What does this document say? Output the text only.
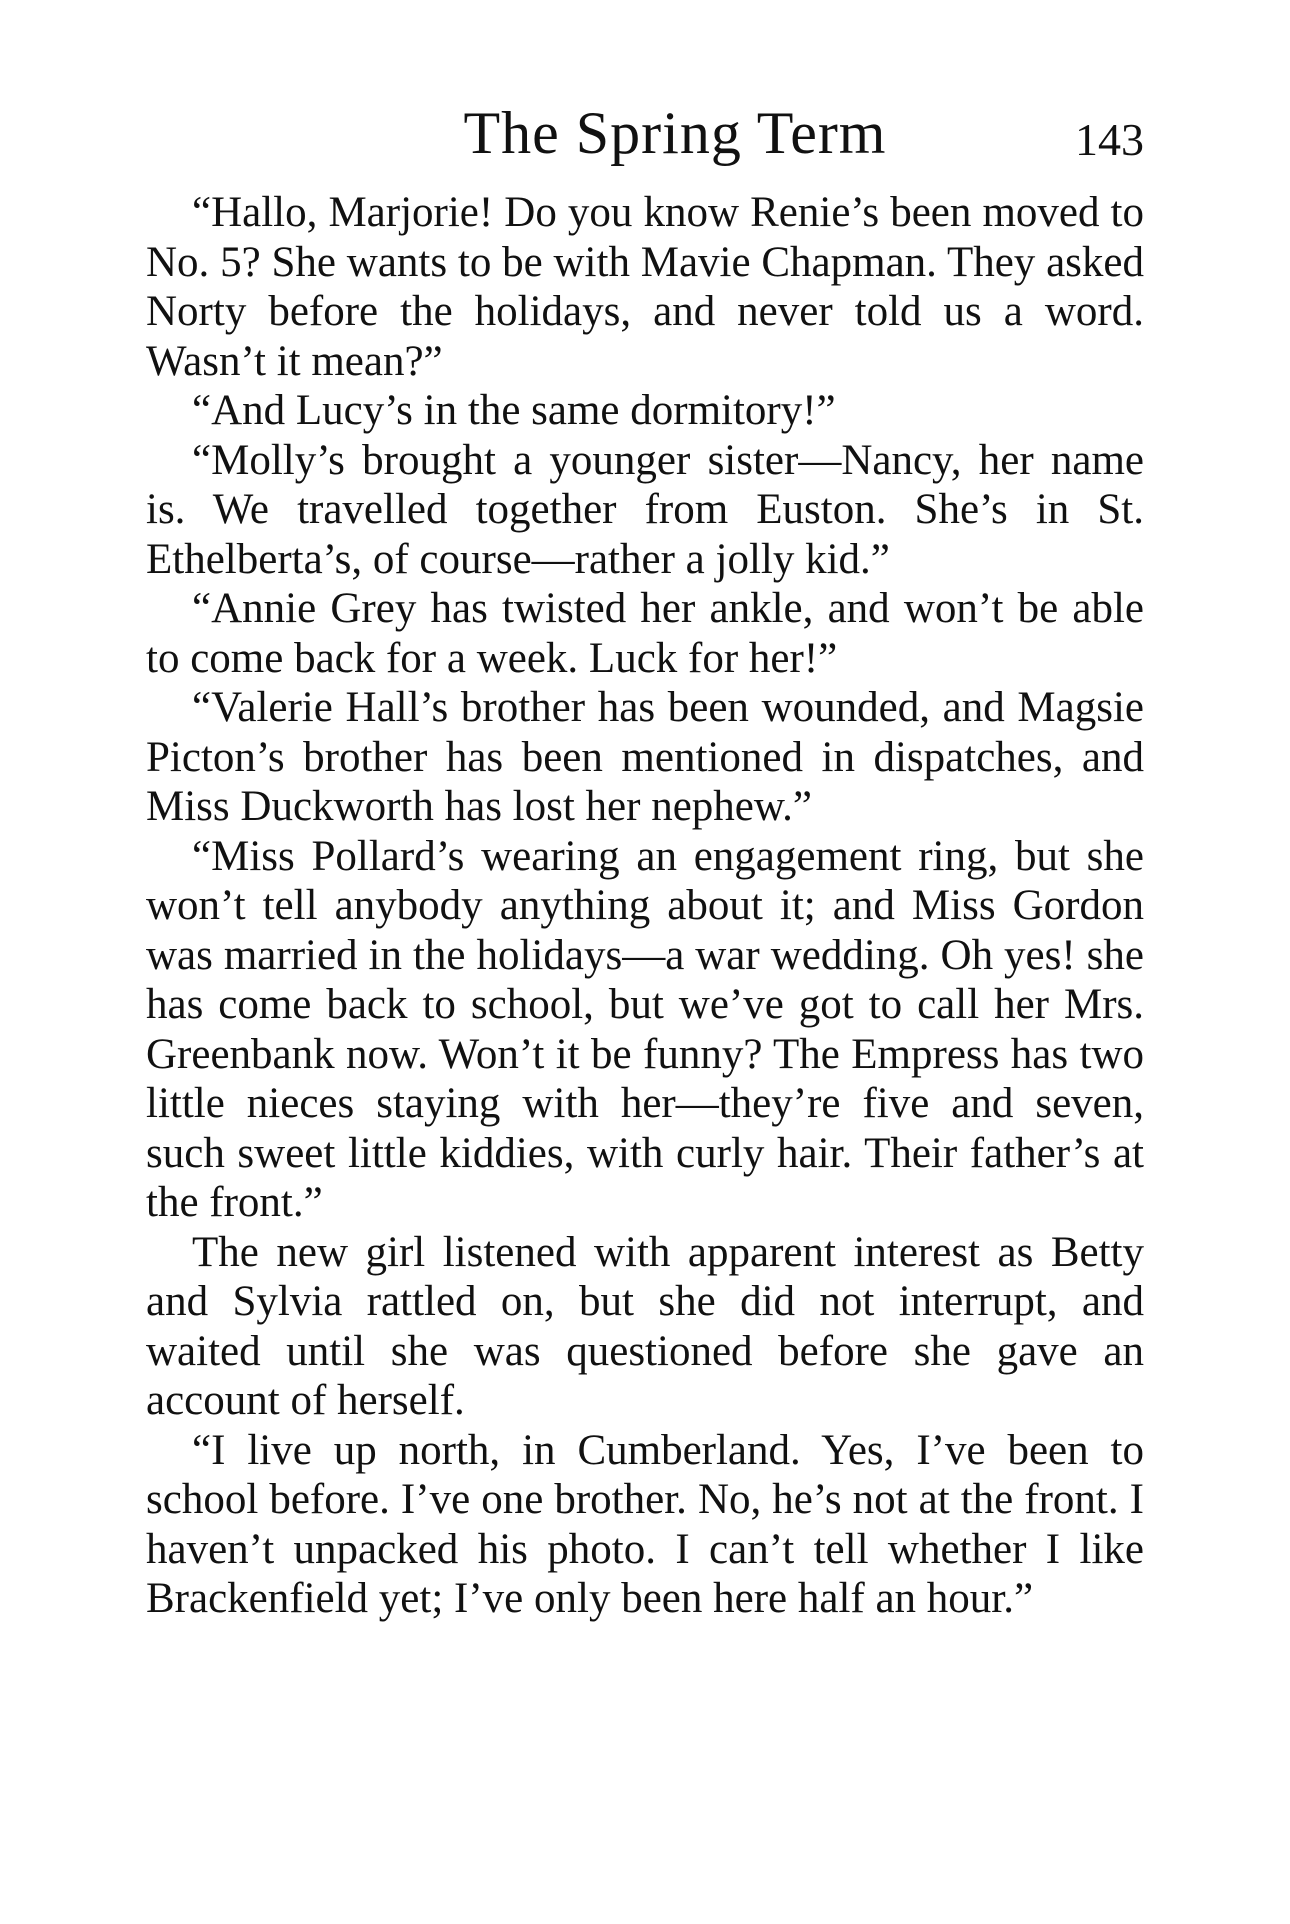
The Spring Term	143

“Hallo, Marjorie! Do you know Renie’s been moved to No. 5? She wants to be with Mavie Chapman. They asked Norty before the holidays, and never told us a word. Wasn’t it mean?”

“And Lucy’s in the same dormitory!”

“Molly’s brought a younger sister—Nancy, her name is. We travelled together from Euston. She’s in St. Ethelberta’s, of course—rather a jolly kid.”

“Annie Grey has twisted her ankle, and won’t be able to come back for a week. Luck for her!”

“Valerie Hall’s brother has been wounded, and Magsie Picton’s brother has been mentioned in dispatches, and Miss Duckworth has lost her nephew.”

“Miss Pollard’s wearing an engagement ring, but she won’t tell anybody anything about it; and Miss Gordon was married in the holidays—a war wedding. Oh yes! she has come back to school, but we’ve got to call her Mrs. Greenbank now. Won’t it be funny? The Empress has two little nieces staying with her—they’re five and seven, such sweet little kiddies, with curly hair. Their father’s at the front.”

The new girl listened with apparent interest as Betty and Sylvia rattled on, but she did not interrupt, and waited until she was questioned before she gave an account of herself.

“I live up north, in Cumberland. Yes, I’ve been to school before. I’ve one brother. No, he’s not at the front. I haven’t unpacked his photo. I can’t tell whether I like Brackenfield yet; I’ve only been here half an hour.”
